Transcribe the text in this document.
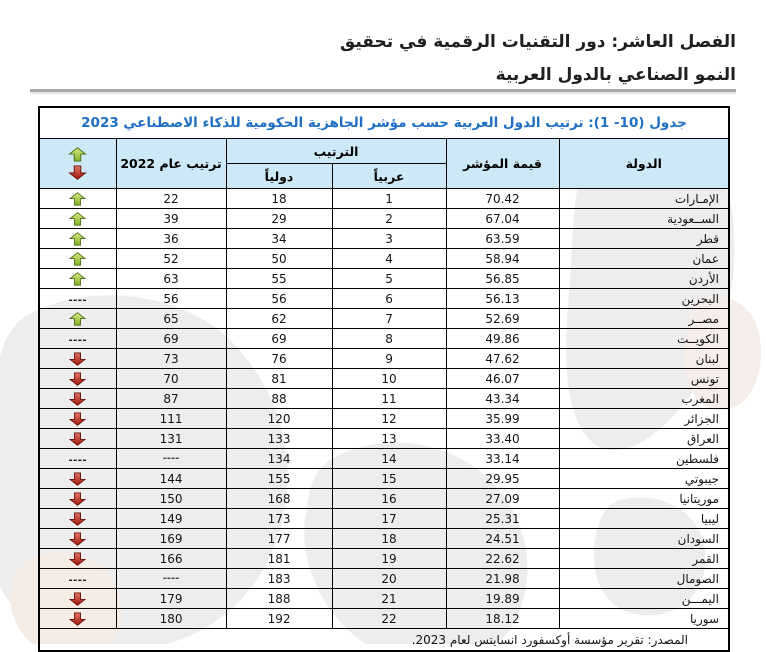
الفصل العاشر: دور التقنيات الرقمية في تحقيق
النمو الصناعي بالدول العربية
جدول (10- 1): ترتيب الدول العربية حسب مؤشر الجاهزية الحكومية للذكاء الاصطناعي 2023					
الدولة	قيمة المؤشر	الترتيب		ترتيب عام 2022	

		عربياً	دولياً		
الإمـارات	70.42	1	18	22	

الســعودية	67.04	2	29	39	

قطر	63.59	3	34	36	

عمان	58.94	4	50	52	

الأردن	56.85	5	55	63	

البحرين	56.13	6	56	56	----
مصــر	52.69	7	62	65	

الكويــت	49.86	8	69	69	----
لبنان	47.62	9	76	73	

تونس	46.07	10	81	70	

المغرب	43.34	11	88	87	

الجزائر	35.99	12	120	111	

العراق	33.40	13	133	131	

فلسطين	33.14	14	134	----	----
جيبوتي	29.95	15	155	144	

موريتانيا	27.09	16	168	150	

ليبيا	25.31	17	173	149	

السودان	24.51	18	177	169	

القمر	22.62	19	181	166	

الصومال	21.98	20	183	----	----
اليمـــن	19.89	21	188	179	

سوريا	18.12	22	192	180	

المصدر: تقرير مؤسسة أوكسفورد انسايتس لعام 2023.					
